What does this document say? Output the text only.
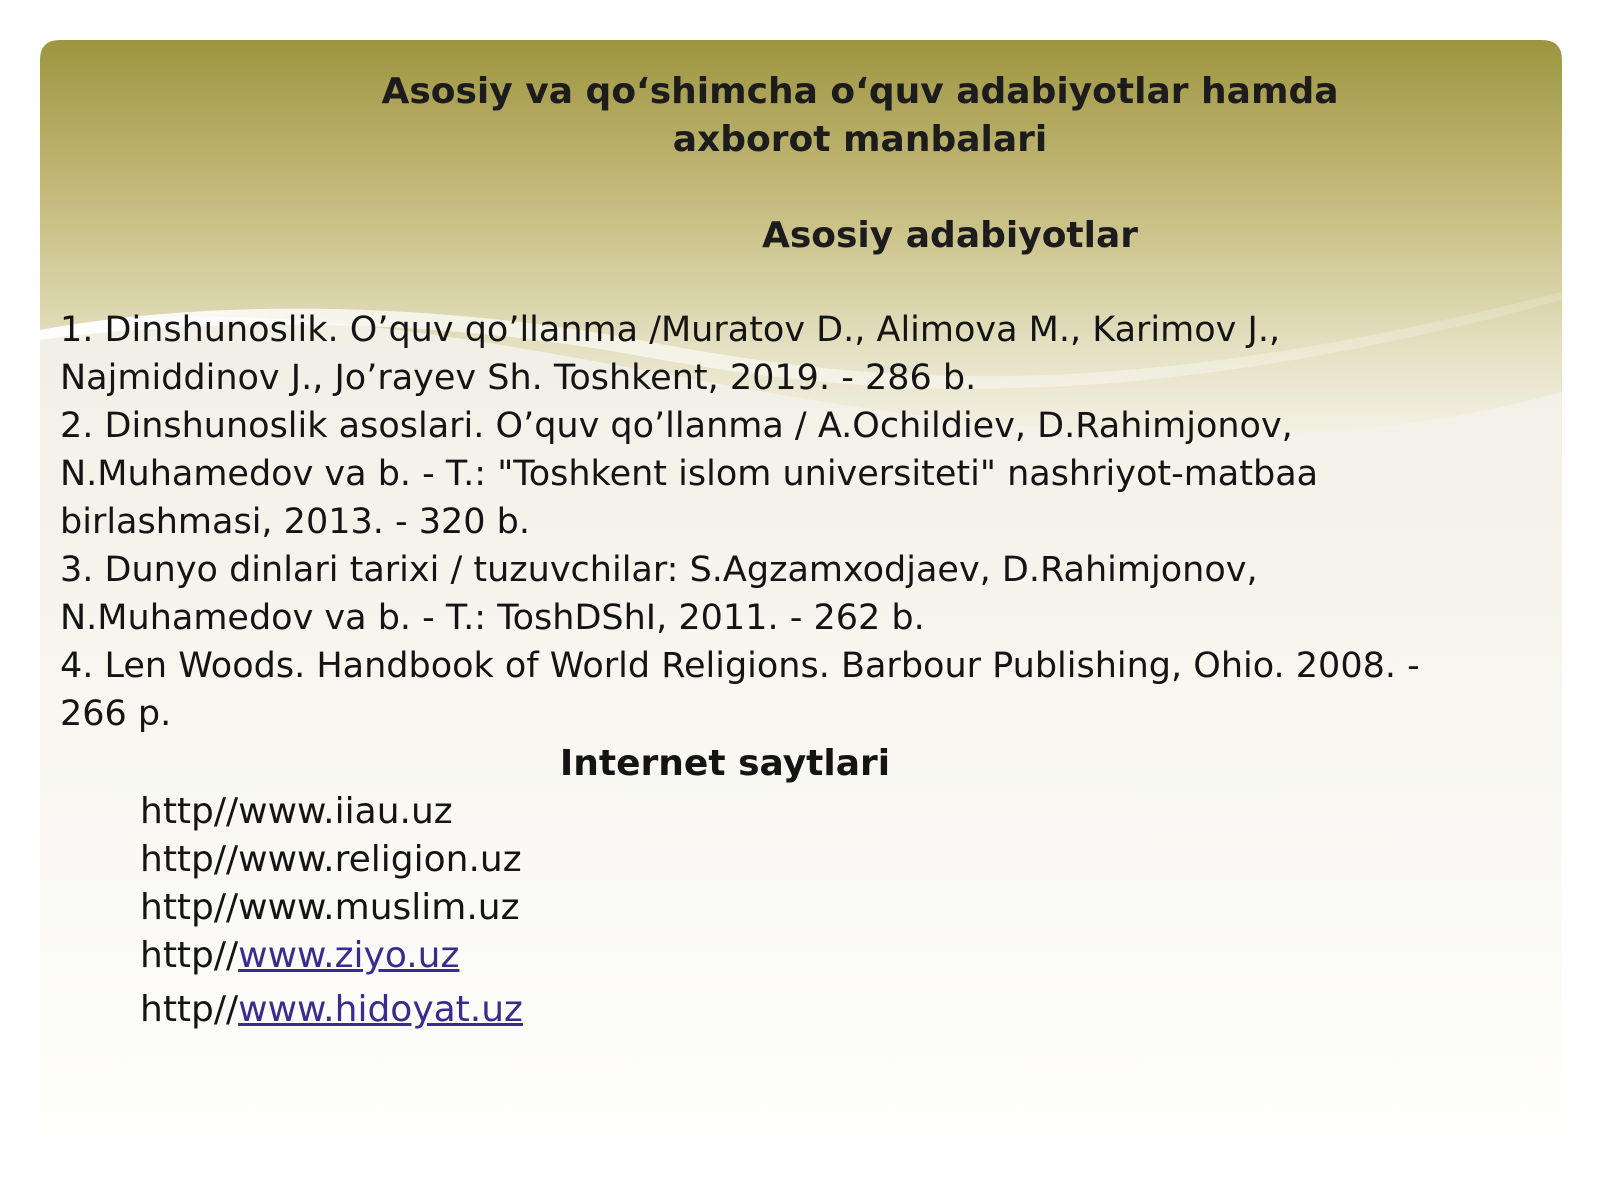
Asosiy va qo‘shimcha o‘quv adabiyotlar hamda
axborot manbalari
Asosiy adabiyotlar

1. Dinshunoslik. O’quv qo’llanma /Muratov D., Alimova M., Karimov J.,
Najmiddinov J., Jo’rayev Sh. Toshkent, 2019. - 286 b.

2. Dinshunoslik asoslari. O’quv qo’llanma / A.Ochildiev, D.Rahimjonov,
N.Muhamedov va b. - T.: "Toshkent islom universiteti" nashriyot-matbaa
birlashmasi, 2013. - 320 b.

3. Dunyo dinlari tarixi / tuzuvchilar: S.Agzamxodjaev, D.Rahimjonov,
N.Muhamedov va b. - T.: ToshDShI, 2011. - 262 b.

4. Len Woods. Handbook of World Religions. Barbour Publishing, Ohio. 2008. -
266 p.

Internet saytlari
http//www.iiau.uz
http//www.religion.uz
http//www.muslim.uz
http//www.ziyo.uz
http//www.hidoyat.uz
